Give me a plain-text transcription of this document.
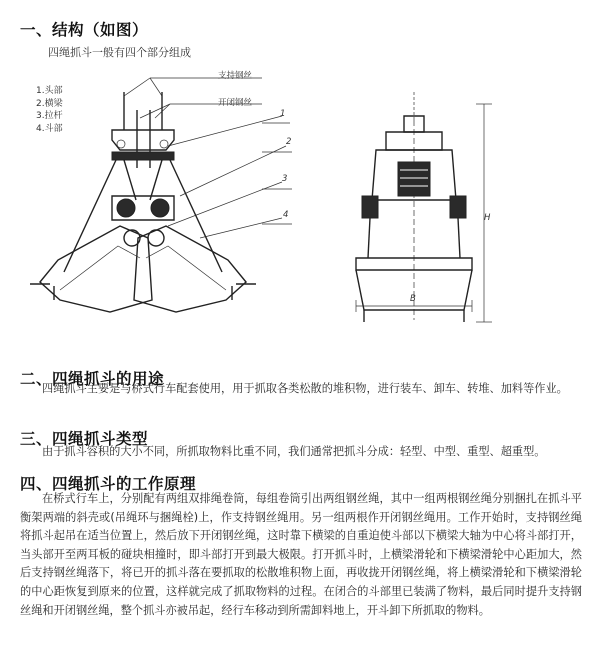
一、结构（如图）
四绳抓斗一般有四个部分组成
1.头部
2.横梁
3.拉杆
4.斗部
支持钢丝
开闭钢丝
1
2
3
4	H
B
二、四绳抓斗的用途
四绳抓斗主要是与桥式行车配套使用，用于抓取各类松散的堆积物，进行装车、卸车、转堆、加料等作业。
三、四绳抓斗类型
由于抓斗容积的大小不同，所抓取物料比重不同，我们通常把抓斗分成：轻型、中型、重型、超重型。
四、四绳抓斗的工作原理
在桥式行车上，分别配有两组双排绳卷筒，每组卷筒引出两组钢丝绳，其中一组两根钢丝绳分别捆扎在抓斗平衡架两端的斜壳或(吊绳环与捆绳栓)上，作支持钢丝绳用。另一组两根作开闭钢丝绳用。工作开始时，支持钢丝绳将抓斗起吊在适当位置上，然后放下开闭钢丝绳，这时靠下横梁的自重迫使斗部以下横梁大轴为中心将斗部打开，当头部开至两耳板的碰块相撞时，即斗部打开到最大极限。打开抓斗时，上横梁滑轮和下横梁滑轮中心距加大，然后支持钢丝绳落下，将已开的抓斗落在要抓取的松散堆积物上面，再收拢开闭钢丝绳，将上横梁滑轮和下横梁滑轮的中心距恢复到原来的位置，这样就完成了抓取物料的过程。在闭合的斗部里已装满了物料，最后同时提升支持钢丝绳和开闭钢丝绳，整个抓斗亦被吊起，经行车移动到所需卸料地上，开斗卸下所抓取的物料。
